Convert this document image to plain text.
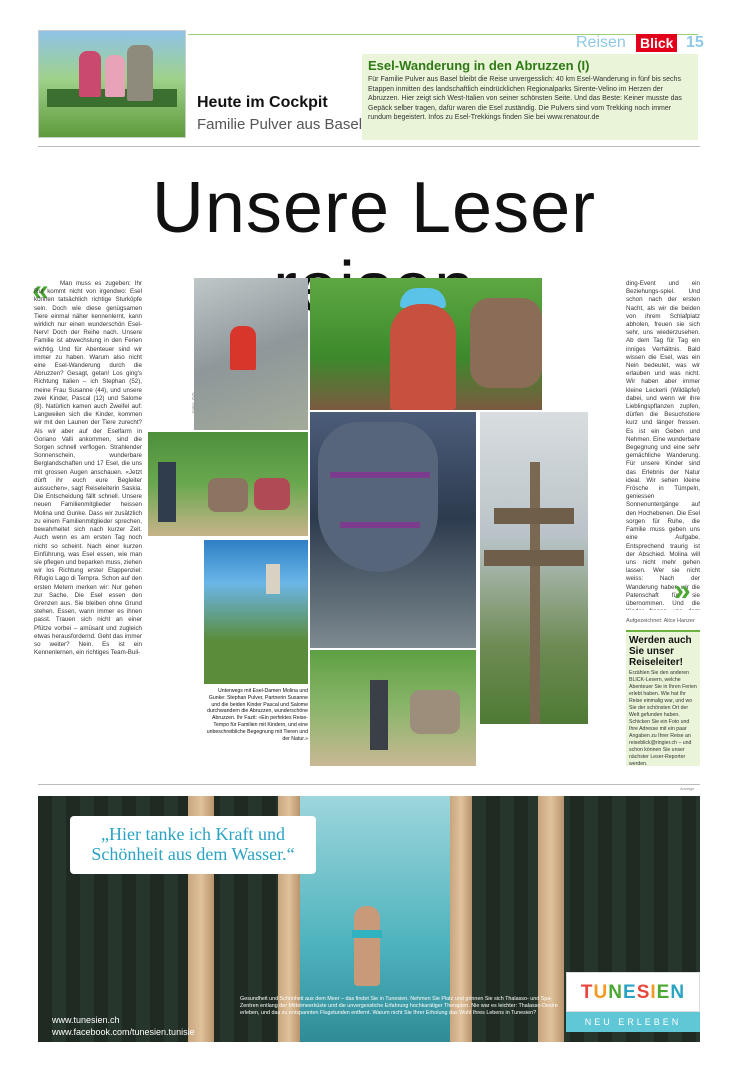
Reisen	Blick 15
Heute im Cockpit
Familie Pulver aus Basel
Esel-Wanderung in den Abruzzen (I)

Für Familie Pulver aus Basel bleibt die Reise unvergesslich: 40 km Esel-Wanderung in fünf bis sechs Etappen inmitten des landschaftlich eindrücklichen Regionalparks Sirente-Velino im Herzen der Abruzzen. Hier zeigt sich West-Italien von seiner schönsten Seite. Und das Beste: Keiner musste das Gepäck selber tragen, dafür waren die Esel zuständig. Die Pulvers sind vom Trekking noch immer rundum begeistert. Infos zu Esel-Trekkings finden Sie bei www.renatour.de

Unsere Leser
«	Man muss es zugeben: Ihr Ruf kommt nicht von irgendwo: Esel können tatsächlich richtige Sturköpfe sein. Doch wie diese genügsamen Tiere einmal näher kennenlernt, kann wirklich nur einen wunderschön Esel-Nerv! Doch der Reihe nach. Unsere Familie ist abwechslung in den Ferien wichtig. Und für Abenteuer sind wir immer zu haben. Warum also nicht eine Esel-Wanderung durch die Abruzzen? Gesagt, getan! Los ging's Richtung Italien – ich Stephan (52), meine Frau Susanne (44), und unsere zwei Kinder, Pascal (12) und Salome (8). Natürlich kamen auch Zweifel auf: Langweilen sich die Kinder, kommen wir mit den Launen der Tiere zurecht? Als wir aber auf der Eselfarm in Goriano Valli ankommen, sind die Sorgen schnell verflogen. Strahlender Sonnenschein, wunderbare Berglandschaften und 17 Esel, die uns mit grossen Augen anschauen. «Jetzt dürft ihr euch eure Begleiter aussuchen», sagt Reiseleiterin Saskia. Die Entscheidung fällt schnell. Unsere neuen Familienmitglieder heissen Molina und Gunke. Dass wir zusätzlich zu einem Familienmitglieder sprechen, bewahrheitet sich nach kurzer Zeit. Auch wenn es am ersten Tag noch nicht so scheint. Nach einer kurzen Einführung, was Esel essen, wie man sie pflegen und beparken muss, ziehen wir los Richtung erster Etappenziel: Rifugio Lago di Tempra. Schon auf den ersten Metern merken wir: Nur gehen zur Sache. Die Esel essen den Grenzen aus. Sie bleiben ohne Grund stehen. Essen, wann immer es ihnen passt. Trauen sich nicht an einer Pfütze vorbei – amüsant und zugleich etwas herausfordernd. Geht das immer so weiter? Nein. Es ist ein Kennenlernen, ein richtiges Team-Buil-
Fotos: ZVG
Unterwegs mit Esel-Damen Molina und Gunke: Stephan Pulver, Partnerin Susanne und die beiden Kinder Pascal und Salome durchwandern die Abruzzen, wunderschöne Abruzzen. Ihr Fazit: «Ein perfektes Reise-Tempo für Familien mit Kindern, und eine unbeschreibliche Begegnung mit Tieren und der Natur.»
ding-Event und ein Beziehungs-spiel. Und schon nach der ersten Nacht, als wir die beiden von ihrem Schlafplatz abholen, freuen sie sich sehr, uns wiederzusehen. Ab dem Tag für Tag ein inniges Verhältnis. Bald wissen die Esel, was ein Nein bedeutet, was wir erlauben und was nicht. Wir haben aber immer kleine Leckerli (Wildäpfel) dabei, und wenn wir ihre Lieblingspflanzen zupfen, dürfen die Besuchstiere kurz und länger fressen. Es ist ein Geben und Nehmen. Eine wunderbare Begegnung und eine sehr gemächliche Wanderung. Für unsere Kinder sind das Erlebnis der Natur ideal. Wir sehen kleine Frösche in Tümpeln, geniessen Sonnenuntergänge auf den Hochebenen. Die Esel sorgen für Ruhe, die Familie muss geben uns eine Aufgabe. Entsprechend traurig ist der Abschied. Molina will uns nicht mehr gehen lassen. Wer sie nicht weiss: Nach der Wanderung haben wir die Patenschaft für sie übernommen. Und die
»
Aufgezeichnet: Alice Hanzer
Werden auch Sie unser Reiseleiter!

Erzählen Sie den anderen BLICK-Lesern, welche Abenteuer Sie in Ihren Ferien erlebt haben. Wie hat Ihr Reise einmalig war, und wo Sie der schönsten Ort der Welt gefunden haben. Schicken Sie ein Foto und Ihre Adresse mit ein paar Angaben zu Ihrer Reise an reiseblick@ringier.ch – und schon können Sie unser nächster Leser-Reporter werden.

Anzeige
„Hier tanke ich Kraft und Schönheit aus dem Wasser.“
TUNESIEN
NEU ERLEBEN
Gesundheit und Schönheit aus dem Meer – das findet Sie in Tunesien. Nehmen Sie Platz und gönnen Sie sich Thalasso- und Spa-Zentren entlang der Mittelmeerküste und die unvergessliche Erfahrung hochkarätiger Therapien. Nie war es leichter: Thalasso-Desire erleben, und das zu entspannten Flugstunden entfernt. Warum nicht Sie Ihrer Erholung das Wohl Ihres Lebens in Tunesien?
www.tunesien.ch
www.facebook.com/tunesien.tunisie
